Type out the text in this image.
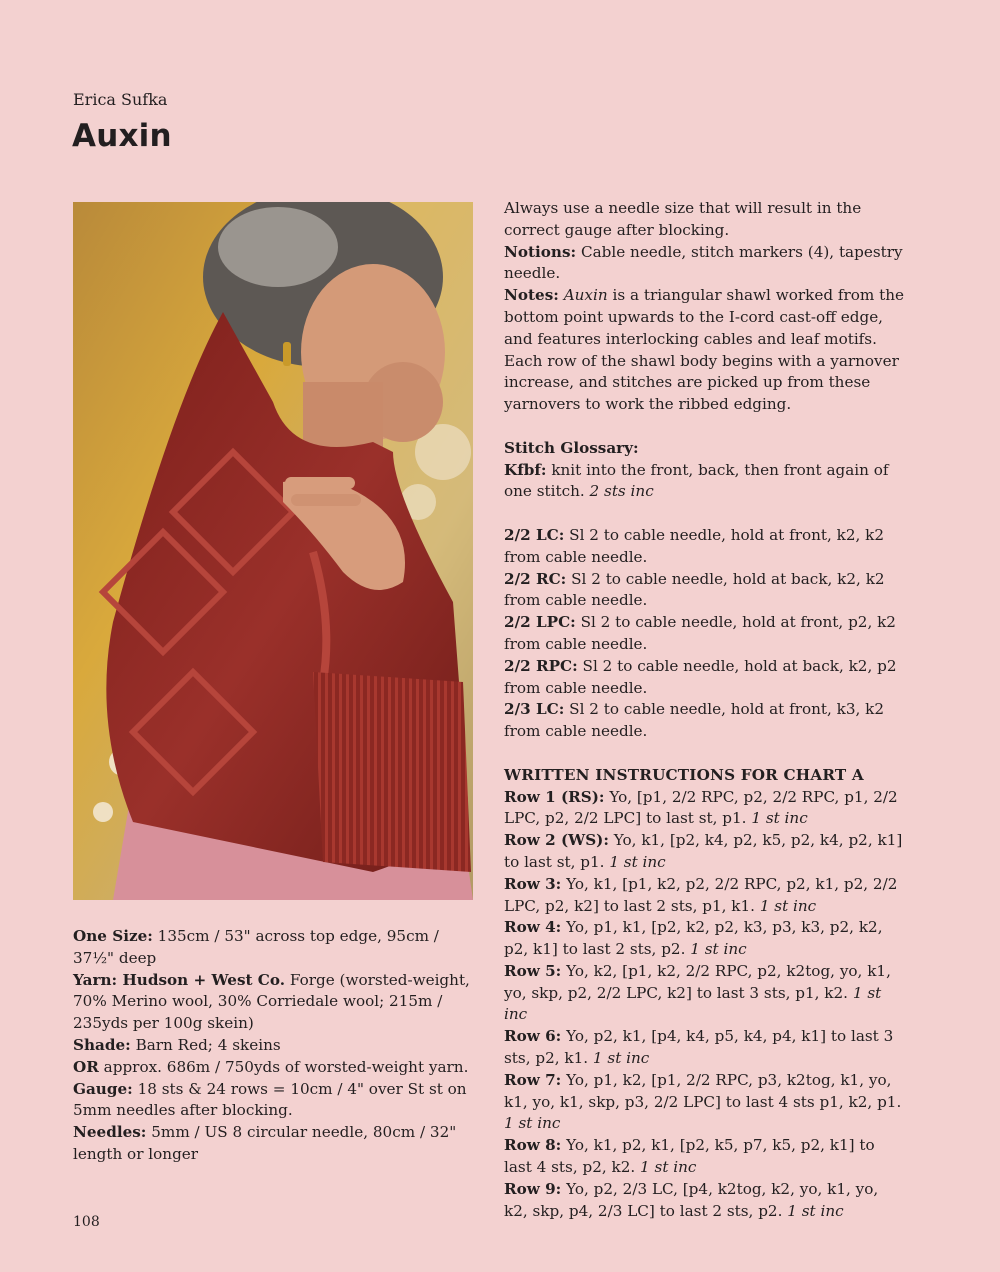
Erica Sufka

Auxin

One Size: 135cm / 53" across top edge, 95cm / 37½" deep

Yarn: Hudson + West Co. Forge (worsted-weight, 70% Merino wool, 30% Corriedale wool; 215m / 235yds per 100g skein)

Shade: Barn Red; 4 skeins

OR approx. 686m / 750yds of worsted-weight yarn.

Gauge: 18 sts & 24 rows = 10cm / 4" over St st on 5mm needles after blocking.

Needles: 5mm / US 8 circular needle, 80cm / 32" length or longer

Always use a needle size that will result in the correct gauge after blocking.

Notions: Cable needle, stitch markers (4), tapestry needle.

Notes: Auxin is a triangular shawl worked from the bottom point upwards to the I-cord cast-off edge, and features interlocking cables and leaf motifs. Each row of the shawl body begins with a yarnover increase, and stitches are picked up from these yarnovers to work the ribbed edging.

Stitch Glossary:

Kfbf: knit into the front, back, then front again of one stitch. 2 sts inc

2/2 LC: Sl 2 to cable needle, hold at front, k2, k2 from cable needle.

2/2 RC: Sl 2 to cable needle, hold at back, k2, k2 from cable needle.

2/2 LPC: Sl 2 to cable needle, hold at front, p2, k2 from cable needle.

2/2 RPC: Sl 2 to cable needle, hold at back, k2, p2 from cable needle.

2/3 LC: Sl 2 to cable needle, hold at front, k3, k2 from cable needle.

WRITTEN INSTRUCTIONS FOR CHART A

Row 1 (RS): Yo, [p1, 2/2 RPC, p2, 2/2 RPC, p1, 2/2 LPC, p2, 2/2 LPC] to last st, p1. 1 st inc

Row 2 (WS): Yo, k1, [p2, k4, p2, k5, p2, k4, p2, k1] to last st, p1. 1 st inc

Row 3: Yo, k1, [p1, k2, p2, 2/2 RPC, p2, k1, p2, 2/2 LPC, p2, k2] to last 2 sts, p1, k1. 1 st inc

Row 4: Yo, p1, k1, [p2, k2, p2, k3, p3, k3, p2, k2, p2, k1] to last 2 sts, p2. 1 st inc

Row 5: Yo, k2, [p1, k2, 2/2 RPC, p2, k2tog, yo, k1, yo, skp, p2, 2/2 LPC, k2] to last 3 sts, p1, k2. 1 st inc

Row 6: Yo, p2, k1, [p4, k4, p5, k4, p4, k1] to last 3 sts, p2, k1. 1 st inc

Row 7: Yo, p1, k2, [p1, 2/2 RPC, p3, k2tog, k1, yo, k1, yo, k1, skp, p3, 2/2 LPC] to last 4 sts p1, k2, p1. 1 st inc

Row 8: Yo, k1, p2, k1, [p2, k5, p7, k5, p2, k1] to last 4 sts, p2, k2. 1 st inc

Row 9: Yo, p2, 2/3 LC, [p4, k2tog, k2, yo, k1, yo, k2, skp, p4, 2/3 LC] to last 2 sts, p2. 1 st inc

108
